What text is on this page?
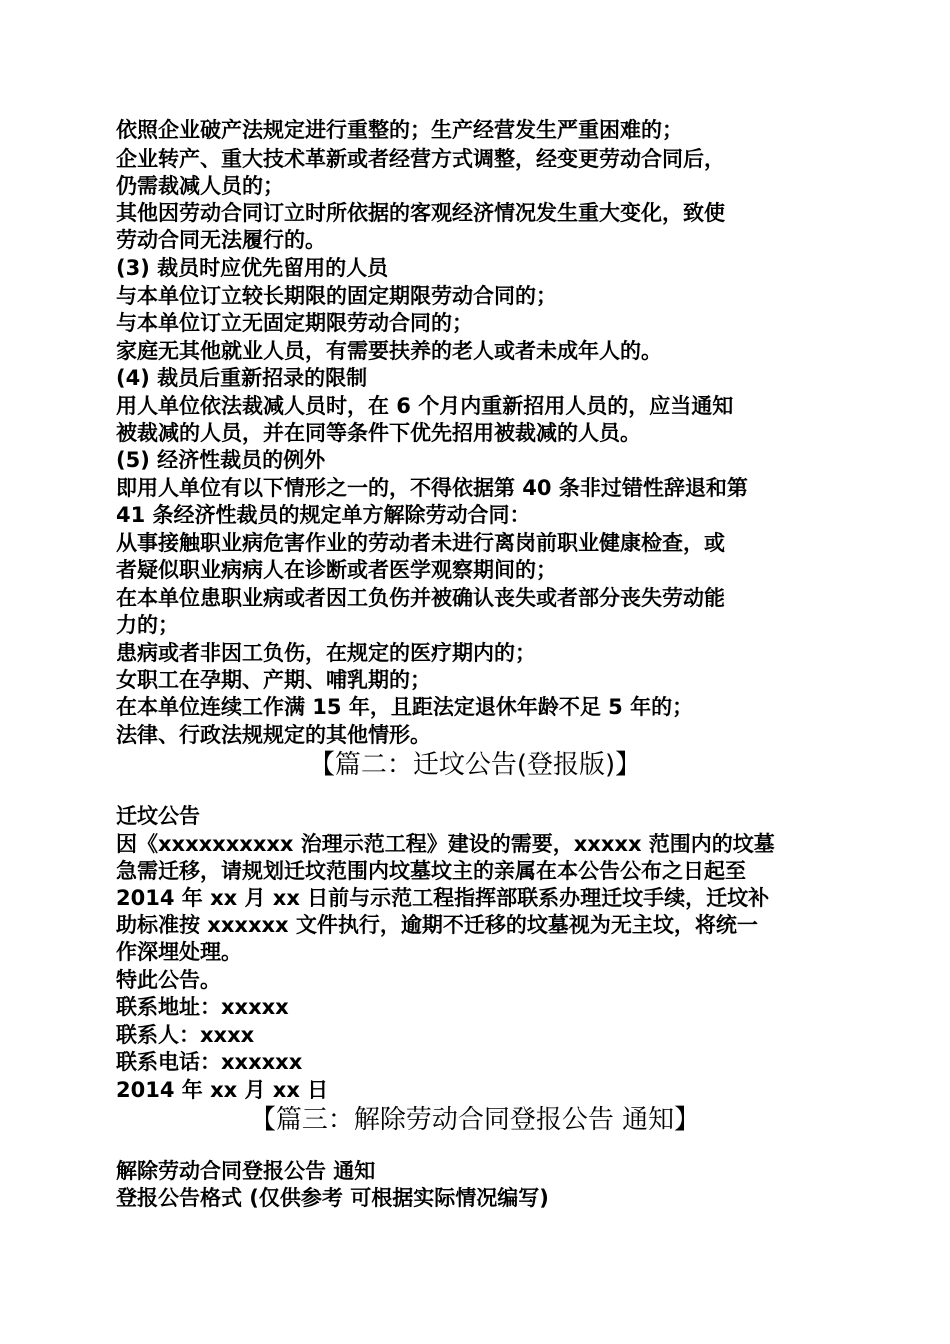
依照企业破产法规定进行重整的；生产经营发生严重困难的；
企业转产、重大技术革新或者经营方式调整，经变更劳动合同后，
仍需裁减人员的；
其他因劳动合同订立时所依据的客观经济情况发生重大变化，致使
劳动合同无法履行的。
(3) 裁员时应优先留用的人员
与本单位订立较长期限的固定期限劳动合同的；
与本单位订立无固定期限劳动合同的；
家庭无其他就业人员，有需要扶养的老人或者未成年人的。
(4) 裁员后重新招录的限制
用人单位依法裁减人员时，在 6 个月内重新招用人员的，应当通知
被裁减的人员，并在同等条件下优先招用被裁减的人员。
(5) 经济性裁员的例外
即用人单位有以下情形之一的，不得依据第 40 条非过错性辞退和第
41 条经济性裁员的规定单方解除劳动合同：
从事接触职业病危害作业的劳动者未进行离岗前职业健康检查，或
者疑似职业病病人在诊断或者医学观察期间的；
在本单位患职业病或者因工负伤并被确认丧失或者部分丧失劳动能
力的；
患病或者非因工负伤，在规定的医疗期内的；
女职工在孕期、产期、哺乳期的；
在本单位连续工作满 15 年，且距法定退休年龄不足 5 年的；
法律、行政法规规定的其他情形。
【篇二：迁坟公告(登报版)】
迁坟公告
因《xxxxxxxxxx 治理示范工程》建设的需要，xxxxx 范围内的坟墓
急需迁移，请规划迁坟范围内坟墓坟主的亲属在本公告公布之日起至
2014 年 xx 月 xx 日前与示范工程指挥部联系办理迁坟手续，迁坟补
助标准按 xxxxxx 文件执行，逾期不迁移的坟墓视为无主坟，将统一
作深埋处理。
特此公告。
联系地址：xxxxx
联系人：xxxx
联系电话：xxxxxx
2014 年 xx 月 xx 日
【篇三：解除劳动合同登报公告 通知】
解除劳动合同登报公告 通知
登报公告格式 (仅供参考 可根据实际情况编写)
